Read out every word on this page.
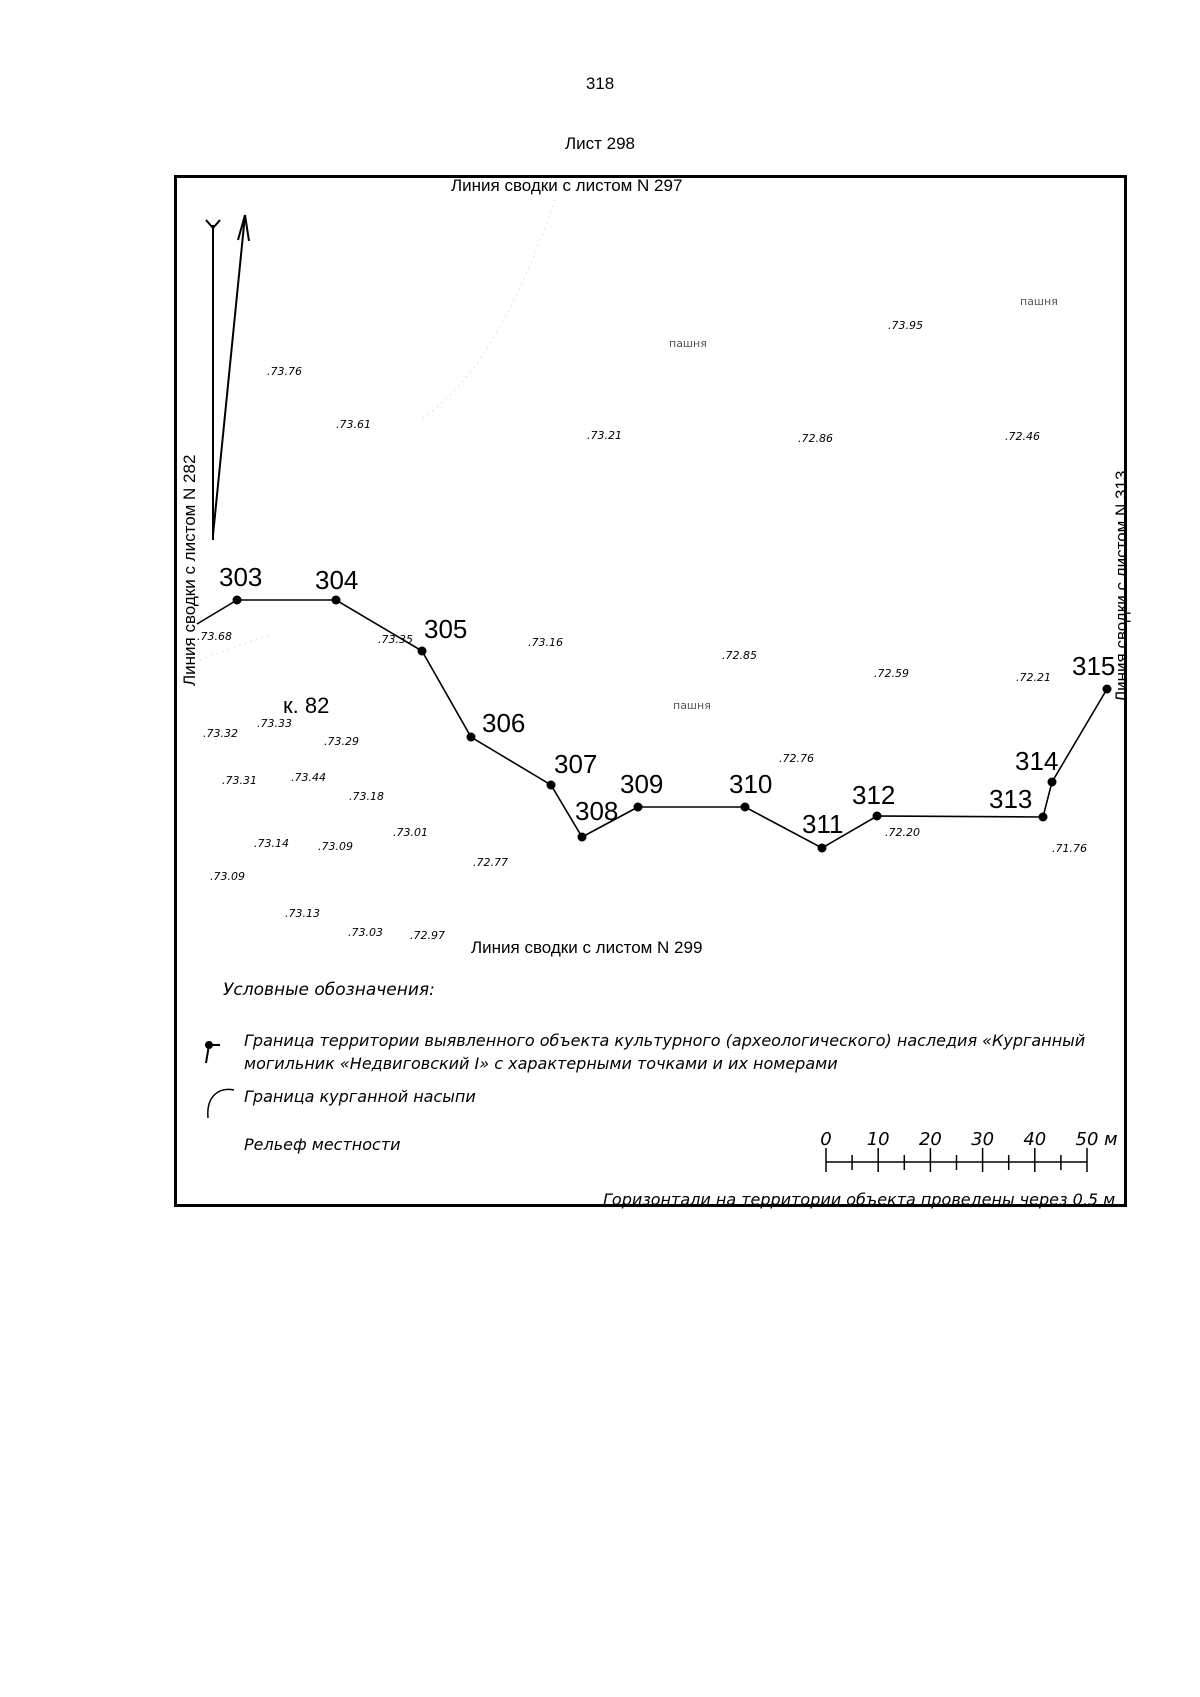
318
Лист 298
Линия сводки с листом N 297
Линия сводки с листом N 299
Линия сводки с листом N 282	Линия сводки с листом N 313
303 304
305
306
307
308
309	310
311
312	313
314
315
к. 82
пашня
пашня
пашня
.73.76
.73.61
.73.21	.72.86	.72.46
.73.95
.73.68	.73.35	.73.16
.72.85
.72.59	.72.21
.73.32
.73.33
.73.29
.73.31	.73.44
.73.18
.72.76
.73.14	.73.09
.73.01	.72.20
.71.76
.73.09
.72.77
.73.13
.73.03 .72.97
Условные обозначения:
Граница территории выявленного объекта культурного (археологического) наследия «Курганный
могильник «Недвиговский I» с характерными точками и их номерами
Граница курганной насыпи
Рельеф местности	0 10 20 30 40 50 м
Горизонтали на территории объекта проведены через 0,5 м
